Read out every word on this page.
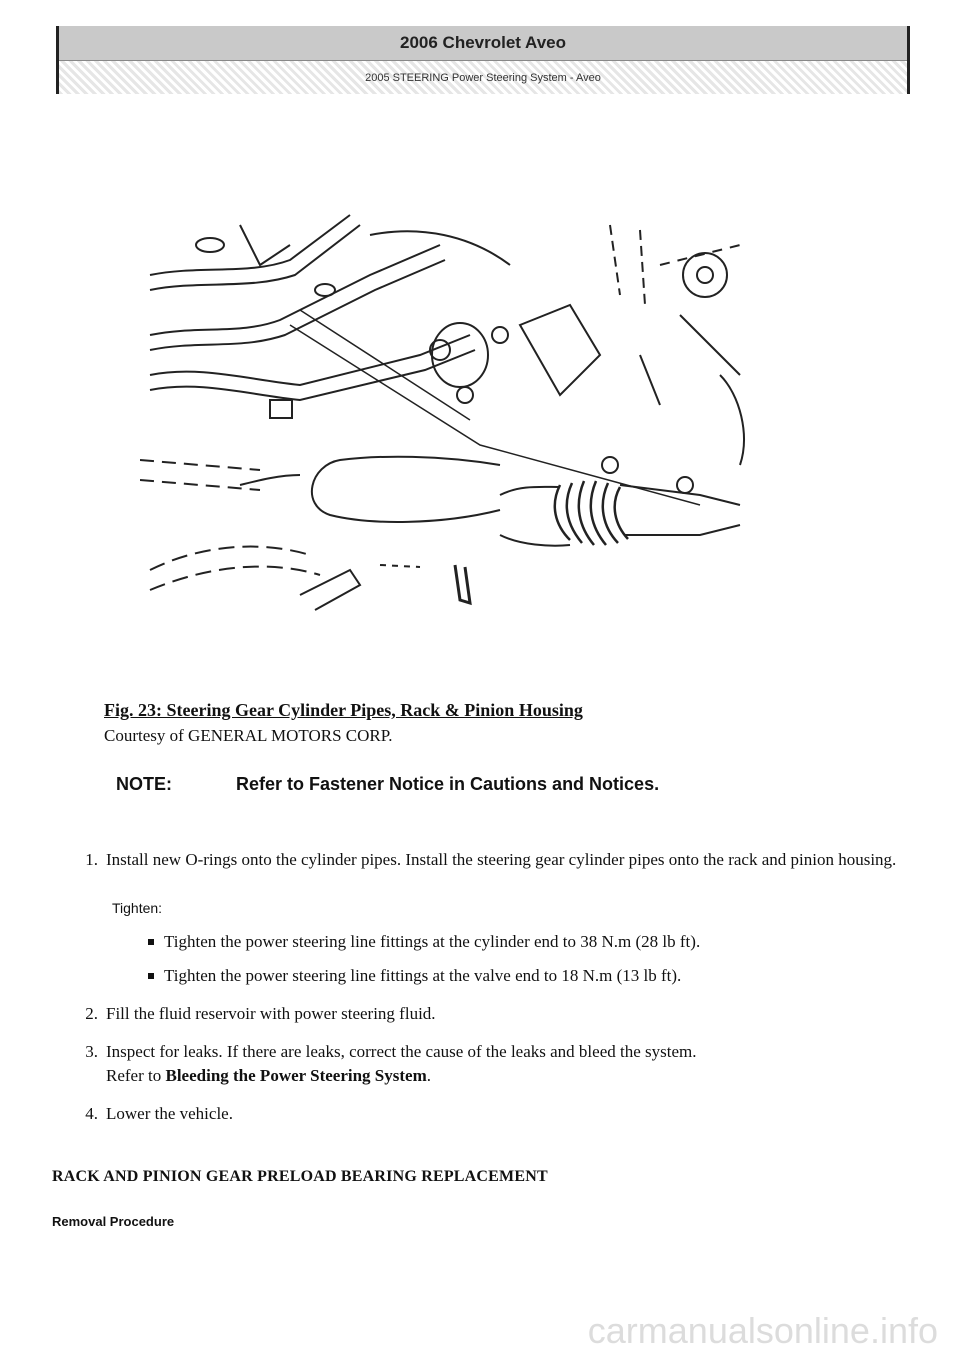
2006 Chevrolet Aveo
2005 STEERING Power Steering System - Aveo
Fig. 23: Steering Gear Cylinder Pipes, Rack & Pinion Housing
Courtesy of GENERAL MOTORS CORP.
NOTE:	Refer to Fastener Notice in Cautions and Notices.
1. Install new O-rings onto the cylinder pipes. Install the steering gear cylinder pipes onto the rack and pinion housing.
Tighten:
Tighten the power steering line fittings at the cylinder end to 38 N.m (28 lb ft).
Tighten the power steering line fittings at the valve end to 18 N.m (13 lb ft).
2. Fill the fluid reservoir with power steering fluid.
3. Inspect for leaks. If there are leaks, correct the cause of the leaks and bleed the system.
Refer to Bleeding the Power Steering System.
4. Lower the vehicle.
RACK AND PINION GEAR PRELOAD BEARING REPLACEMENT
Removal Procedure
carmanualsonline.info
